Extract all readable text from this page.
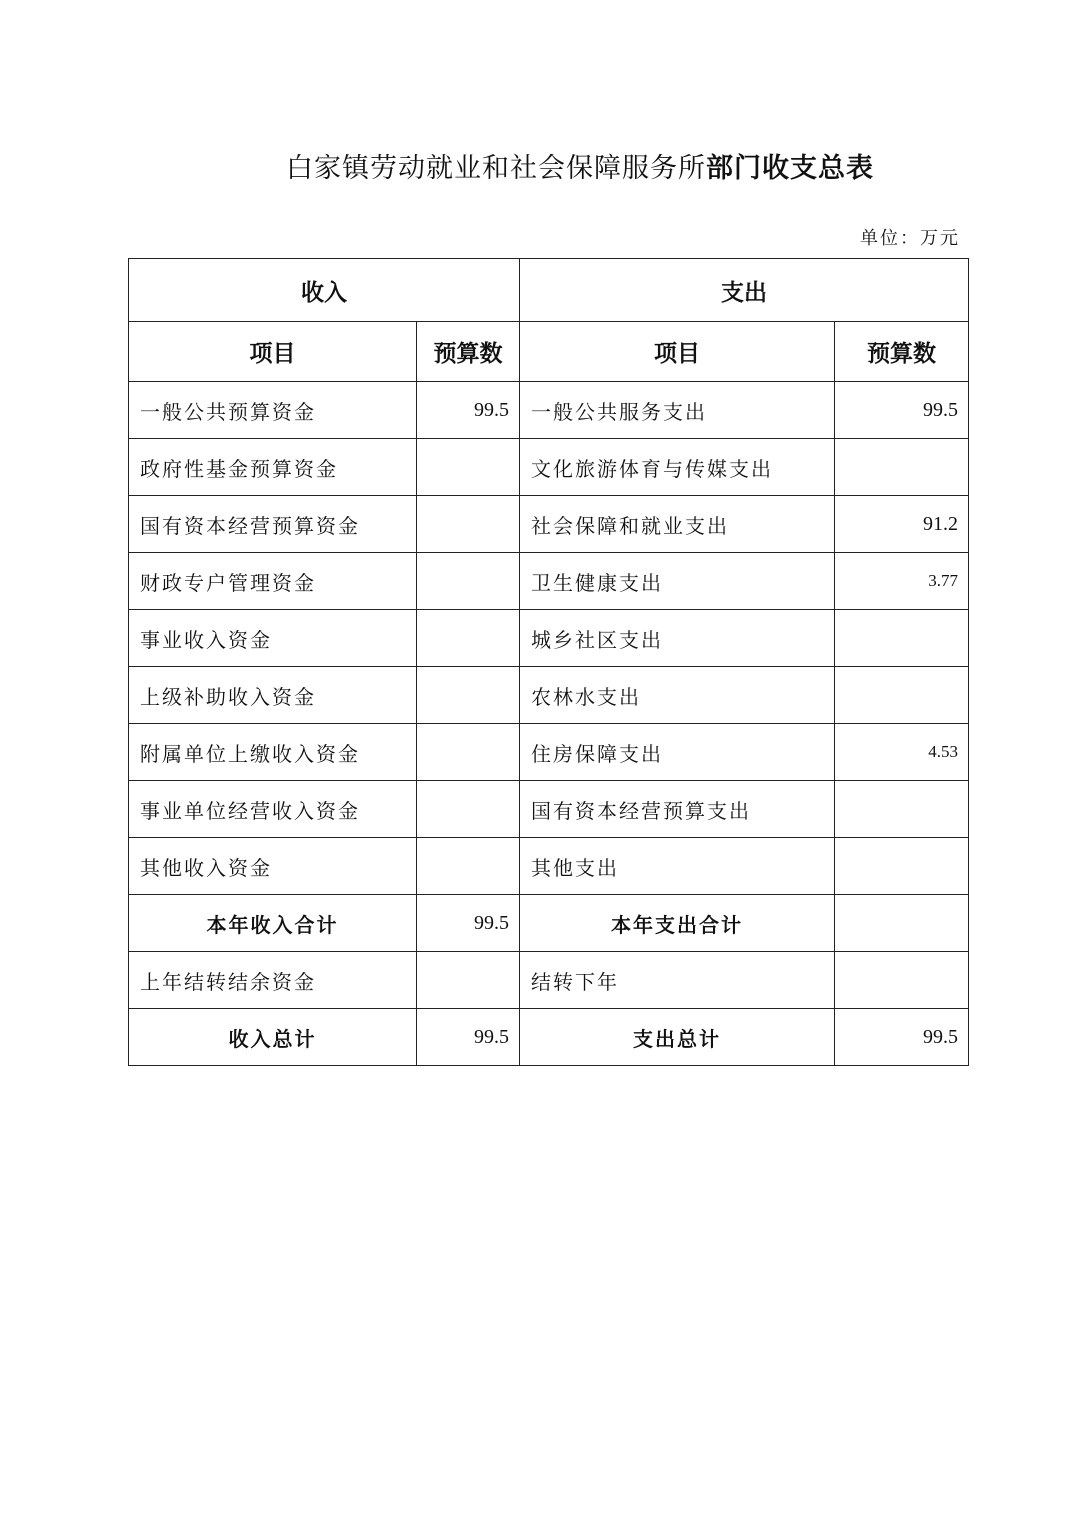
白家镇劳动就业和社会保障服务所部门收支总表
单位：万元
收入		支出	
项目	预算数	项目	预算数
一般公共预算资金	99.5	一般公共服务支出	99.5
政府性基金预算资金		文化旅游体育与传媒支出	
国有资本经营预算资金		社会保障和就业支出	91.2
财政专户管理资金		卫生健康支出	3.77
事业收入资金		城乡社区支出	
上级补助收入资金		农林水支出	
附属单位上缴收入资金		住房保障支出	4.53
事业单位经营收入资金		国有资本经营预算支出	
其他收入资金		其他支出	
本年收入合计	99.5	本年支出合计	
上年结转结余资金		结转下年	
收入总计	99.5	支出总计	99.5
